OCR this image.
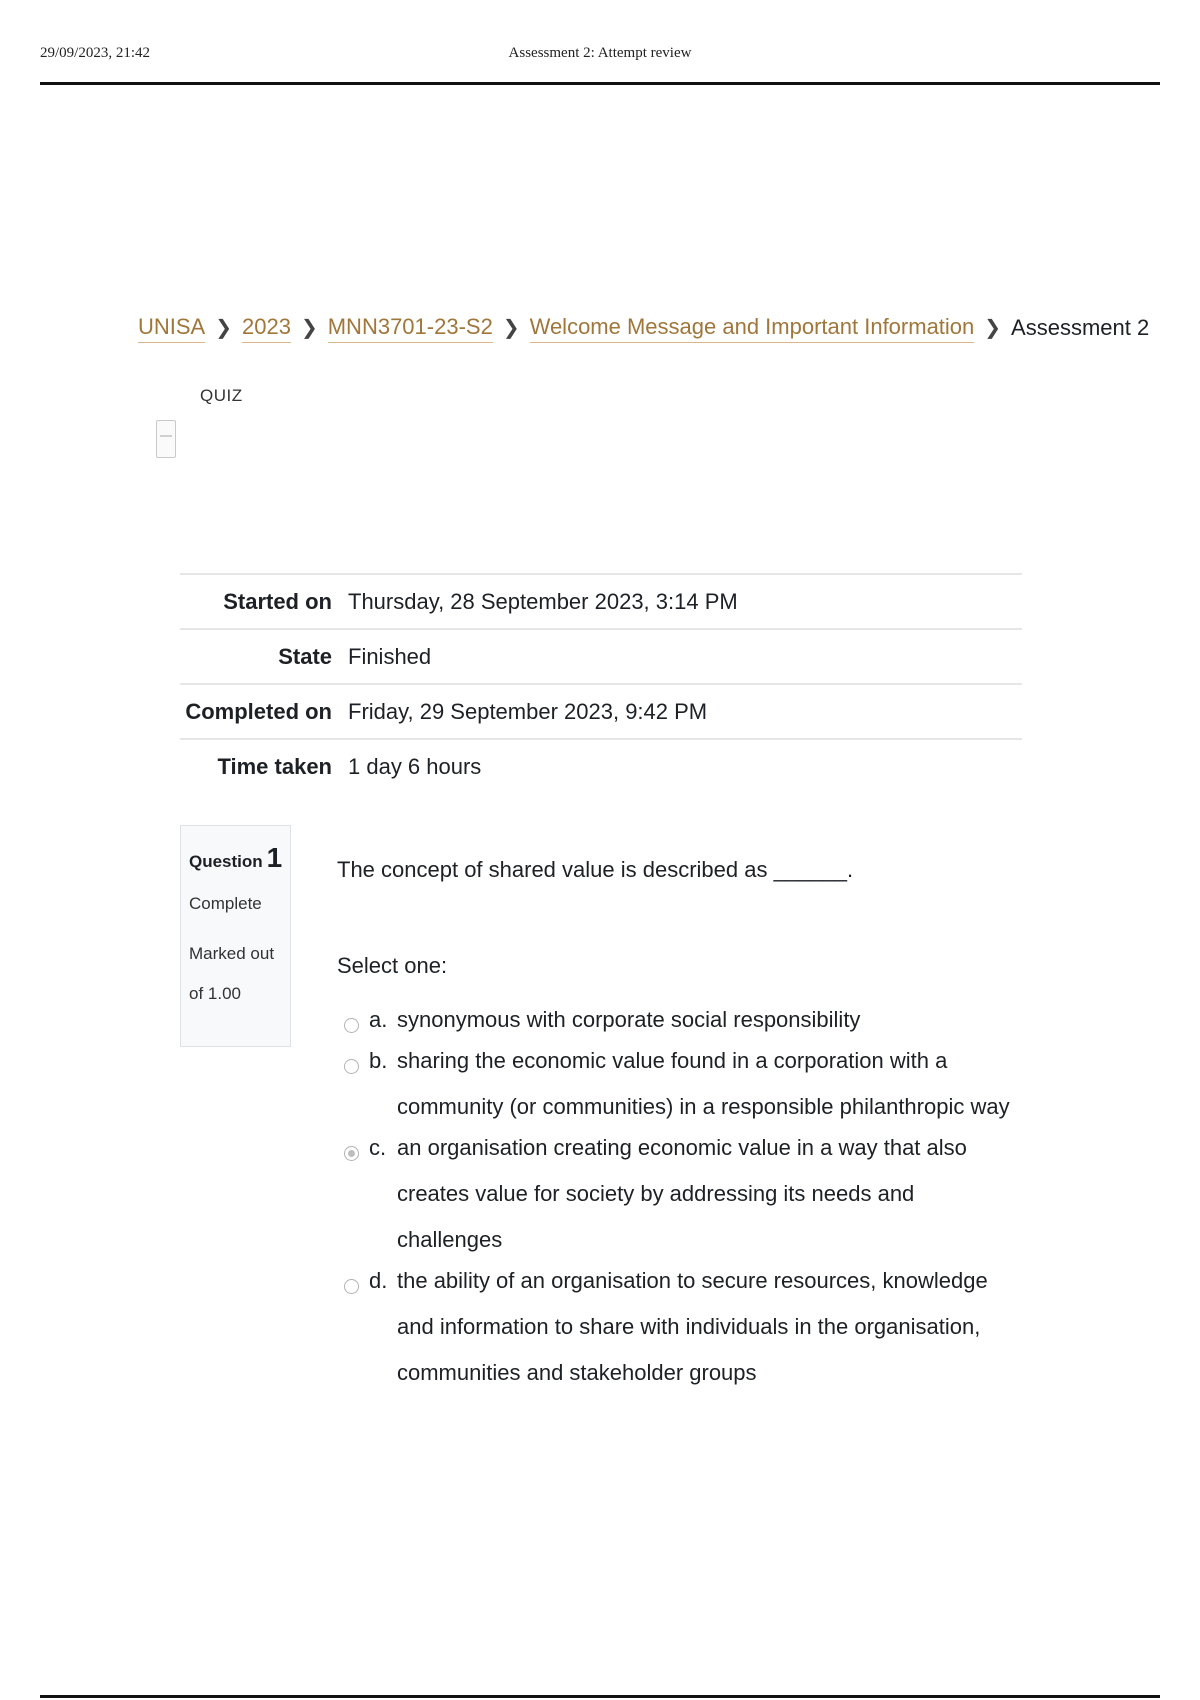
29/09/2023, 21:42	Assessment 2: Attempt review
UNISA ❯ 2023 ❯ MNN3701-23-S2 ❯ Welcome Message and Important Information ❯ Assessment 2
QUIZ
Started on Thursday, 28 September 2023, 3:14 PM
State Finished
Completed on Friday, 29 September 2023, 9:42 PM
Time taken 1 day 6 hours
Question 1
Complete
Marked out of 1.00
The concept of shared value is described as ______.
Select one:
a. synonymous with corporate social responsibility
b. sharing the economic value found in a corporation with a community (or communities) in a responsible philanthropic way
c. an organisation creating economic value in a way that also creates value for society by addressing its needs and challenges
d. the ability of an organisation to secure resources, knowledge and information to share with individuals in the organisation, communities and stakeholder groups
